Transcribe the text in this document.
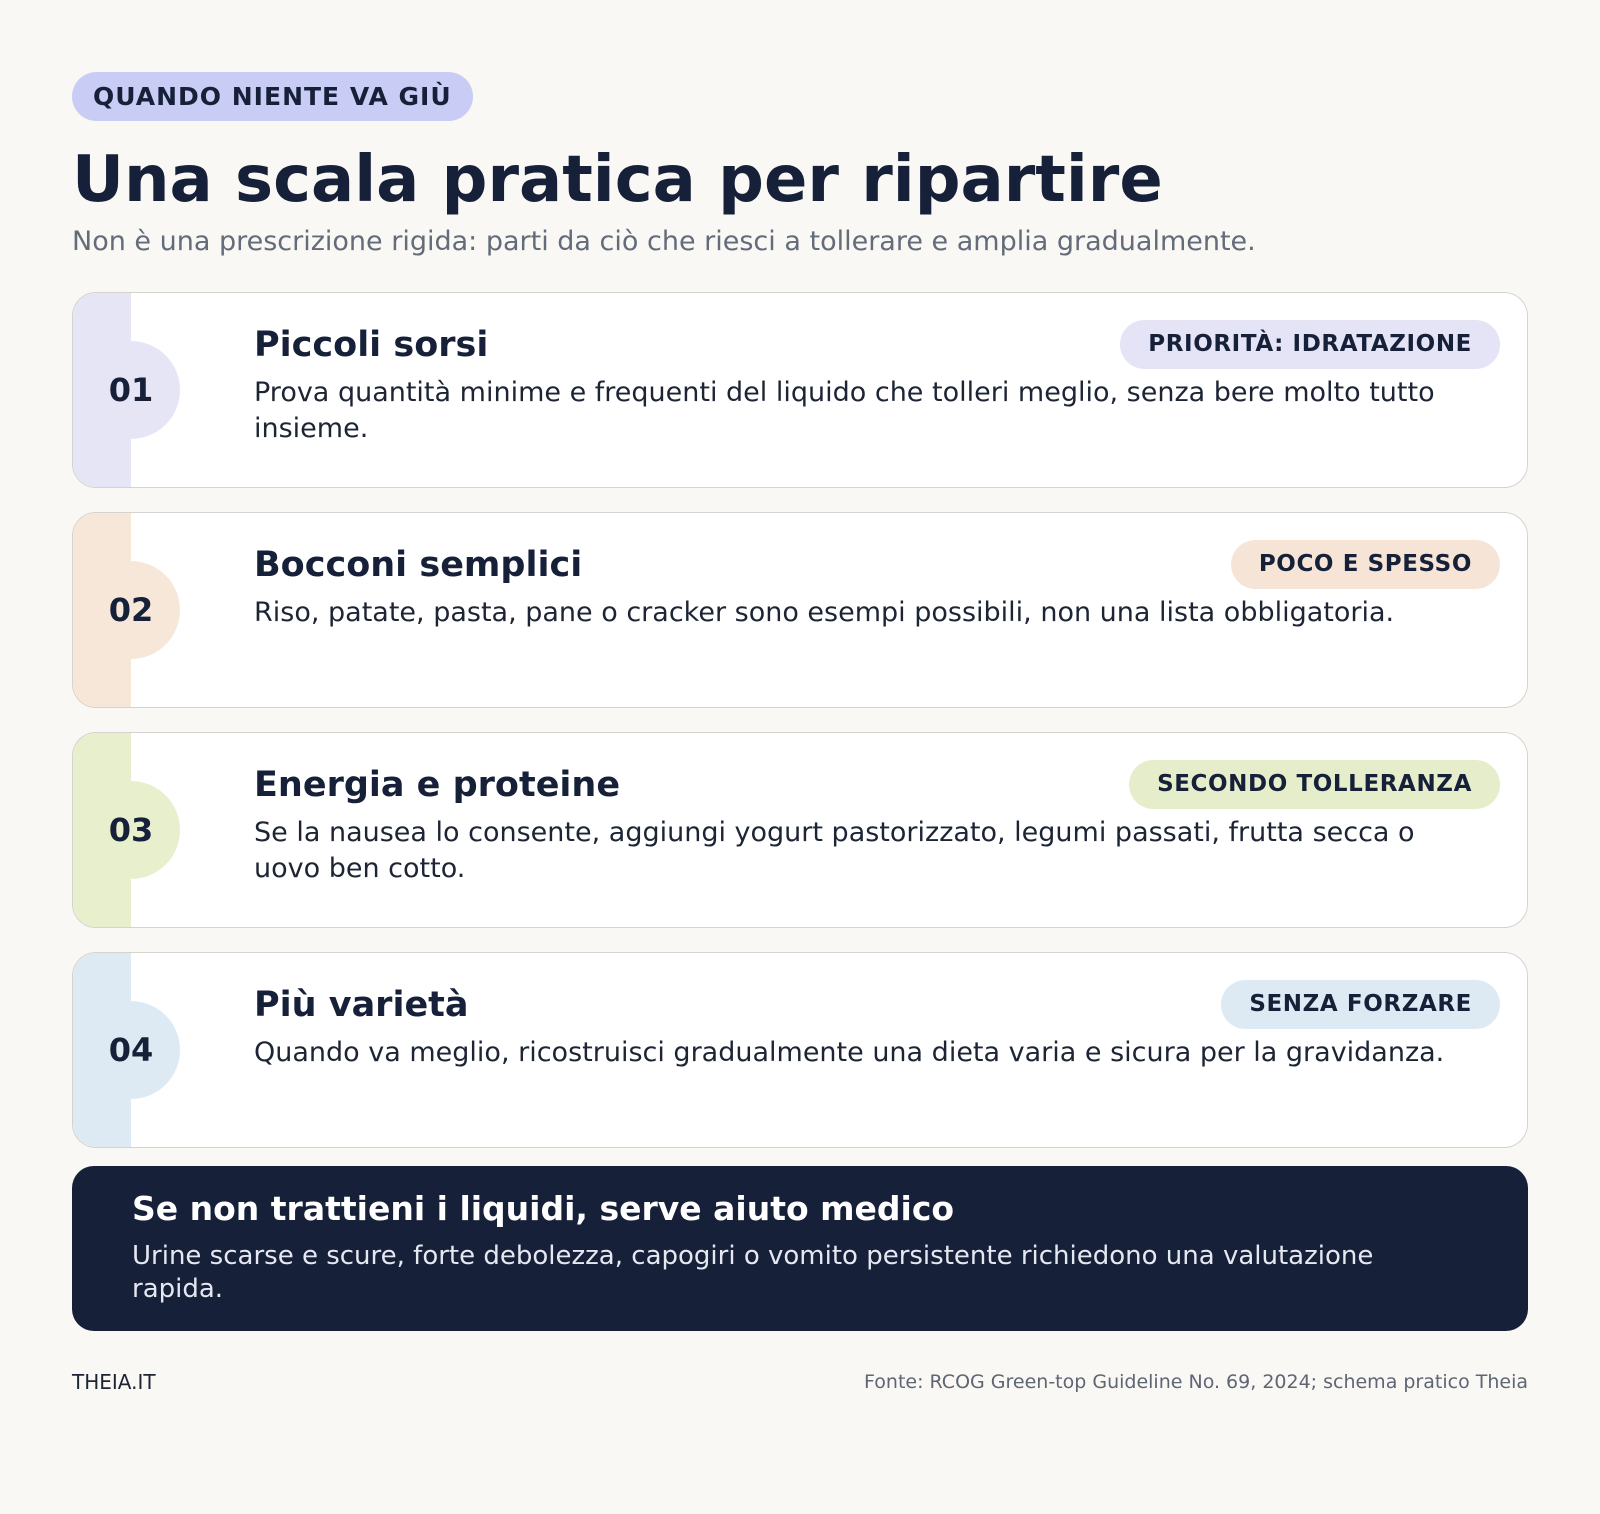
QUANDO NIENTE VA GIÙ
Una scala pratica per ripartire

Non è una prescrizione rigida: parti da ciò che riesci a tollerare e amplia gradualmente.

01
Piccoli sorsi	PRIORITÀ: IDRATAZIONE
Prova quantità minime e frequenti del liquido che tolleri meglio, senza bere molto tutto insieme.
02
Bocconi semplici	POCO E SPESSO
Riso, patate, pasta, pane o cracker sono esempi possibili, non una lista obbligatoria.
03
Energia e proteine	SECONDO TOLLERANZA
Se la nausea lo consente, aggiungi yogurt pastorizzato, legumi passati, frutta secca o uovo ben cotto.
04
Più varietà	SENZA FORZARE
Quando va meglio, ricostruisci gradualmente una dieta varia e sicura per la gravidanza.
Se non trattieni i liquidi, serve aiuto medico
Urine scarse e scure, forte debolezza, capogiri o vomito persistente richiedono una valutazione rapida.
THEIA.IT	Fonte: RCOG Green-top Guideline No. 69, 2024; schema pratico Theia
